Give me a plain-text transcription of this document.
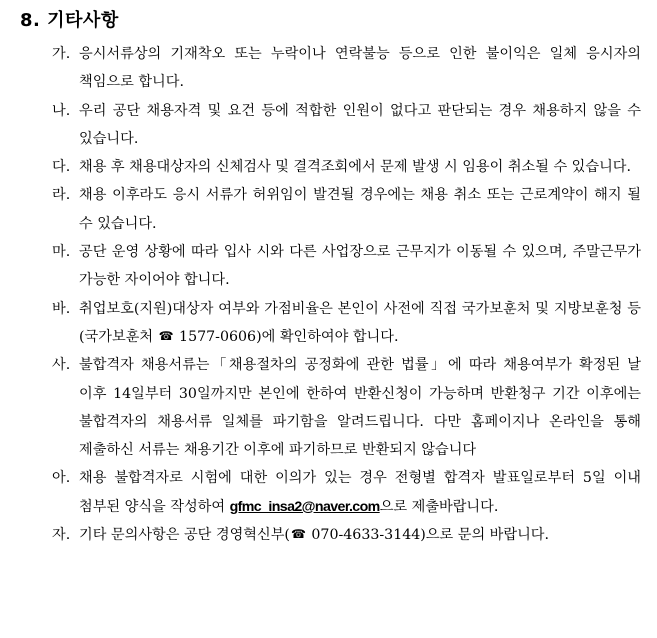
8. 기타사항
가. 응시서류상의 기재착오 또는 누락이나 연락불능 등으로 인한 불이익은 일체 응시자의 책임으로 합니다.
나. 우리 공단 채용자격 및 요건 등에 적합한 인원이 없다고 판단되는 경우 채용하지 않을 수 있습니다.
다. 채용 후 채용대상자의 신체검사 및 결격조회에서 문제 발생 시 임용이 취소될 수 있습니다.
라. 채용 이후라도 응시 서류가 허위임이 발견될 경우에는 채용 취소 또는 근로계약이 해지 될 수 있습니다.
마. 공단 운영 상황에 따라 입사 시와 다른 사업장으로 근무지가 이동될 수 있으며, 주말근무가 가능한 자이어야 합니다.
바. 취업보호(지원)대상자 여부와 가점비율은 본인이 사전에 직접 국가보훈처 및 지방보훈청 등(국가보훈처 ☎ 1577-0606)에 확인하여야 합니다.
사. 불합격자 채용서류는「채용절차의 공정화에 관한 법률」에 따라 채용여부가 확정된 날 이후 14일부터 30일까지만 본인에 한하여 반환신청이 가능하며 반환청구 기간 이후에는 불합격자의 채용서류 일체를 파기함을 알려드립니다. 다만 홈페이지나 온라인을 통해 제출하신 서류는 채용기간 이후에 파기하므로 반환되지 않습니다
아. 채용 불합격자로 시험에 대한 이의가 있는 경우 전형별 합격자 발표일로부터 5일 이내 첨부된 양식을 작성하여 gfmc_insa2@naver.com으로 제출바랍니다.
자. 기타 문의사항은 공단 경영혁신부(☎ 070-4633-3144)으로 문의 바랍니다.
